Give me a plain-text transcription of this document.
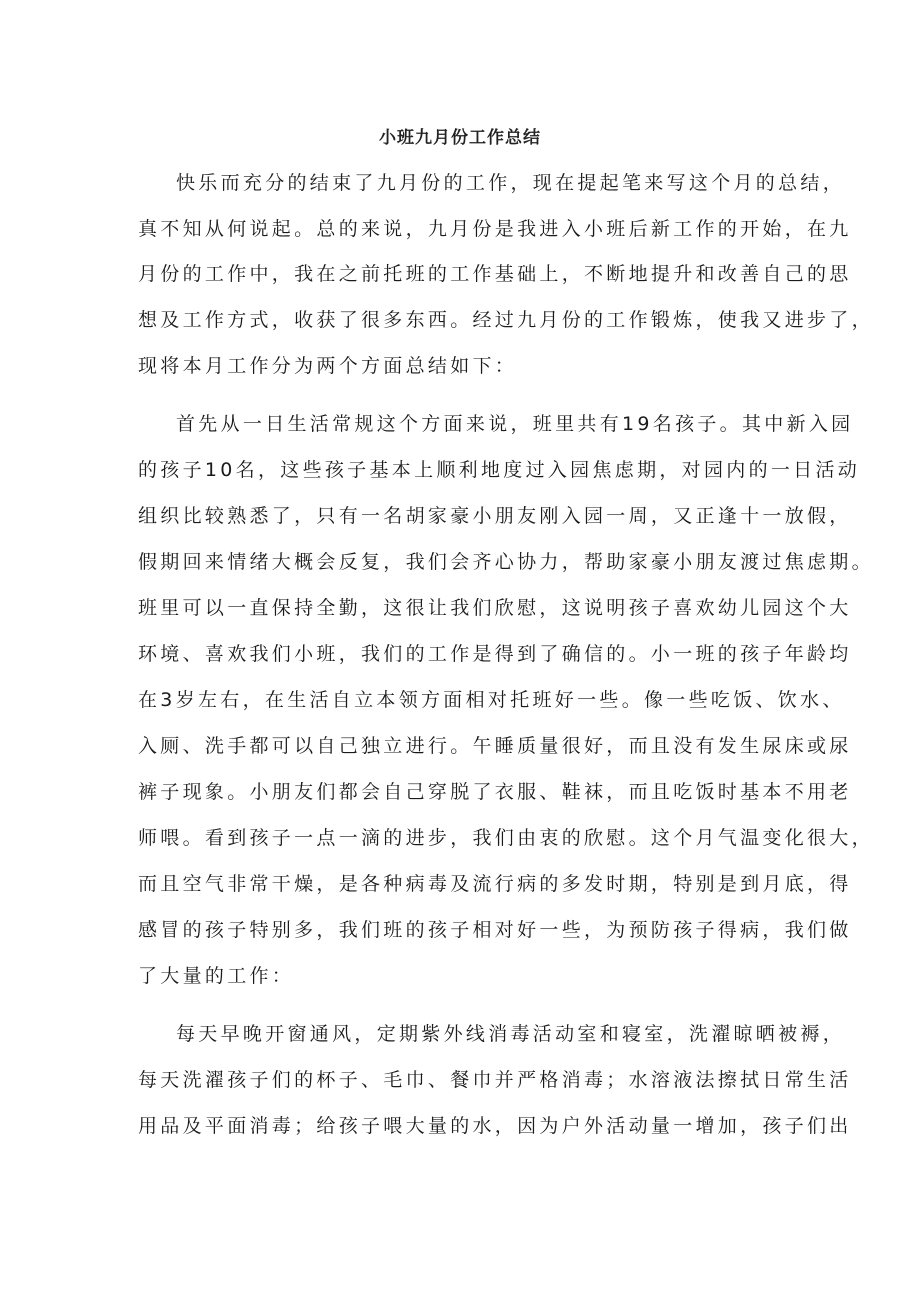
小班九月份工作总结

快乐而充分的结束了九月份的工作，现在提起笔来写这个月的总结，

真不知从何说起。总的来说，九月份是我进入小班后新工作的开始，在九

月份的工作中，我在之前托班的工作基础上，不断地提升和改善自己的思

想及工作方式，收获了很多东西。经过九月份的工作锻炼，使我又进步了，

现将本月工作分为两个方面总结如下：

首先从一日生活常规这个方面来说，班里共有19名孩子。其中新入园

的孩子10名，这些孩子基本上顺利地度过入园焦虑期，对园内的一日活动

组织比较熟悉了，只有一名胡家豪小朋友刚入园一周，又正逢十一放假，

假期回来情绪大概会反复，我们会齐心协力，帮助家豪小朋友渡过焦虑期。

班里可以一直保持全勤，这很让我们欣慰，这说明孩子喜欢幼儿园这个大

环境、喜欢我们小班，我们的工作是得到了确信的。小一班的孩子年龄均

在3岁左右，在生活自立本领方面相对托班好一些。像一些吃饭、饮水、

入厕、洗手都可以自己独立进行。午睡质量很好，而且没有发生尿床或尿

裤子现象。小朋友们都会自己穿脱了衣服、鞋袜，而且吃饭时基本不用老

师喂。看到孩子一点一滴的进步，我们由衷的欣慰。这个月气温变化很大，

而且空气非常干燥，是各种病毒及流行病的多发时期，特别是到月底，得

感冒的孩子特别多，我们班的孩子相对好一些，为预防孩子得病，我们做

了大量的工作：

每天早晚开窗通风，定期紫外线消毒活动室和寝室，洗濯晾晒被褥，

每天洗濯孩子们的杯子、毛巾、餐巾并严格消毒；水溶液法擦拭日常生活

用品及平面消毒；给孩子喂大量的水，因为户外活动量一增加，孩子们出
